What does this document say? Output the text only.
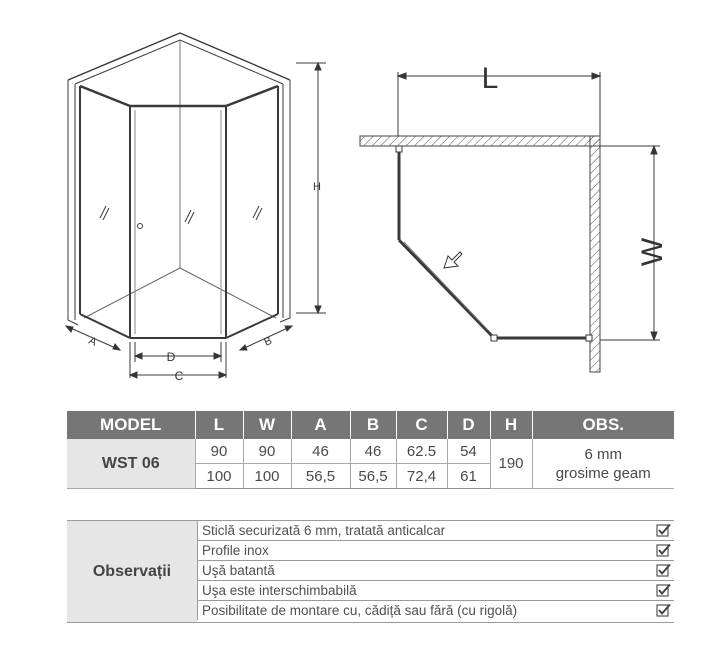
H
A	B
D
C
L
W
MODEL	L	W	A	B	C	D	H	OBS.
WST 06	90	90	46	46	62.5	54	190	6 mm
grosime geam
	100	100	56,5	56,5	72,4	61		
Observații
Sticlă securizată 6 mm, tratată anticalcar
Profile inox
Uşă batantă
Uşa este interschimbabilă
Posibilitate de montare cu, cădiță sau fără (cu rigolă)
